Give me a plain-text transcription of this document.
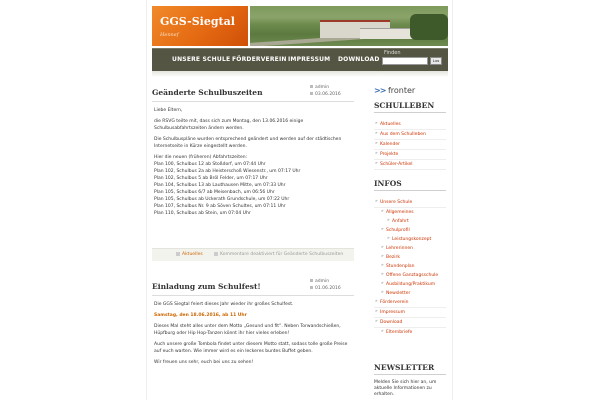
GGS-Siegtal
Hennef
UNSERE SCHULE FÖRDERVEREIN IMPRESSUM DOWNLOAD
Finden
Los
Geänderte Schulbuszeiten
admin
03.06.2016

Liebe Eltern,

die RSVG teilte mit, dass sich zum Montag, den 13.06.2016 einige Schulbusabfahrtszeiten ändern werden.

Die Schulbuspläne wurden entsprechend geändert und werden auf der städtischen Internetseite in Kürze eingestellt werden.

Hier die neuen (früheren) Abfahrtszeiten:
Plan 100, Schulbus 12 ab Stoßdorf, um 07:44 Uhr
Plan 102, Schulbus 2a ab Heisterschoß Wiesenstr., um 07:17 Uhr
Plan 102, Schulbus 5 ab Bröl Felder, um 07:17 Uhr
Plan 104, Schulbus 13 ab Lauthausen Mitte, um 07:33 Uhr
Plan 105, Schulbus 6/7 ab Meisenbach, um 06:56 Uhr
Plan 105, Schulbus ab Uckerath Grundschule, um 07:22 Uhr
Plan 107, Schulbus Nr. 9 ab Söven Schultes, um 07:11 Uhr
Plan 110, Schulbus ab Stein, um 07:04 Uhr
Aktuelles	Kommentare deaktiviert für Geänderte Schulbuszeiten
Einladung zum Schulfest!
admin
01.06.2016

Die GGS Siegtal feiert dieses Jahr wieder ihr großes Schulfest.

Samstag, den 18.06.2016, ab 11 Uhr

Dieses Mal steht alles unter dem Motto „Gesund und fit“. Neben Torwandschießen, Hüpfburg oder Hip Hop-Tanzen könnt ihr hier vieles erleben!

Auch unsere große Tombola findet unter diesem Motto statt, sodass tolle große Preise auf euch warten. Wie immer wird es ein leckeres buntes Buffet geben.

Wir freuen uns sehr, euch bei uns zu sehen!

>> fronter
SCHULLEBEN
» Aktuelles
» Aus dem Schulleben
» Kalender
» Projekte
» Schüler-Artikel
INFOS
» Unsere Schule
» Allgemeines
» Anfahrt
» Schulprofil
» Leistungskonzept
» Lehrerinnen
» Bezirk
» Stundenplan
» Offene Ganztagsschule
» Ausbildung/Praktikum
» Newsletter
» Förderverein
» Impressum
» Download
» Elternbriefe
NEWSLETTER
Melden Sie sich hier an, um aktuelle Informationen zu erhalten.
